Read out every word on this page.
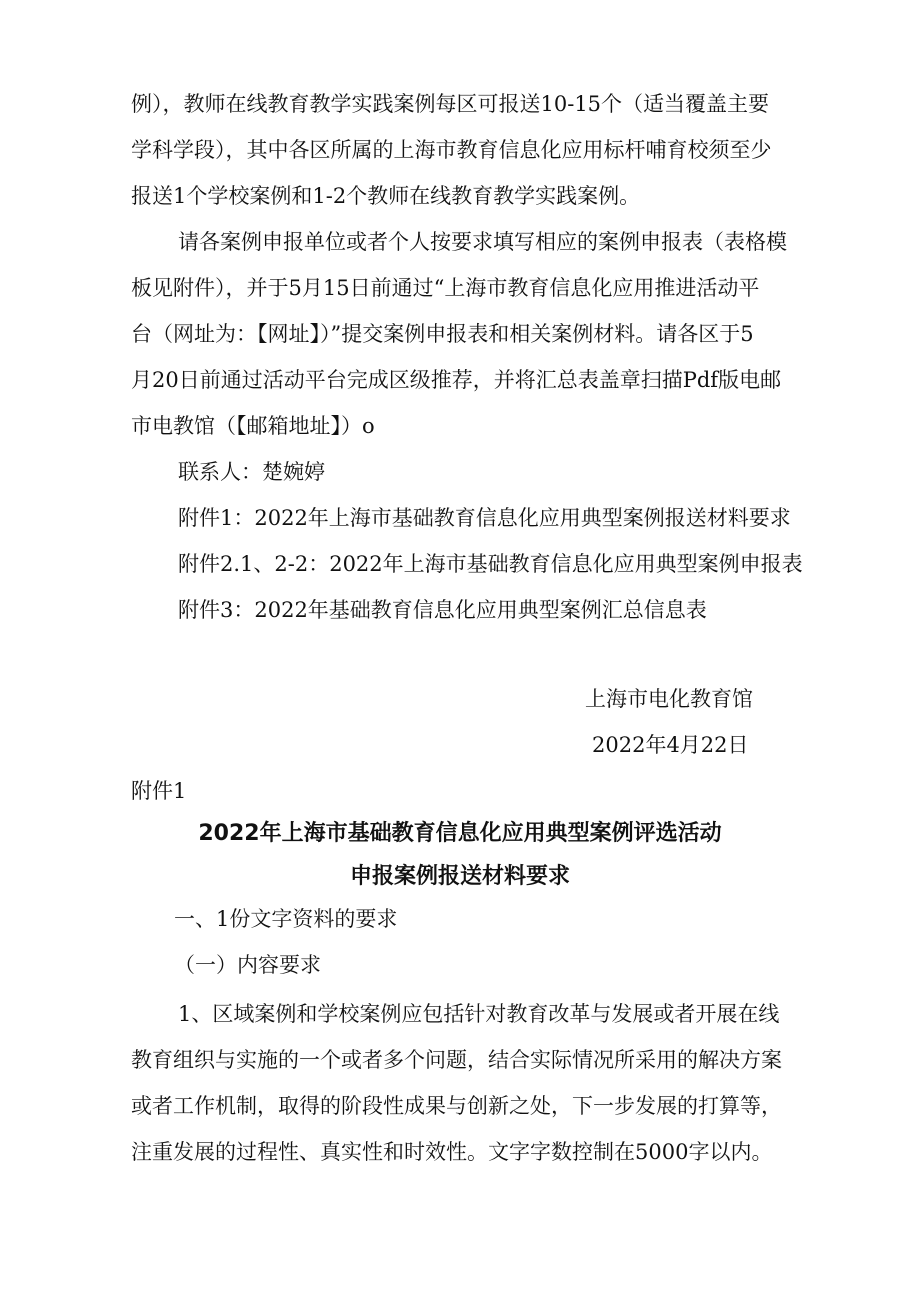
例），教师在线教育教学实践案例每区可报送10-15个（适当覆盖主要
学科学段），其中各区所属的上海市教育信息化应用标杆哺育校须至少
报送1个学校案例和1-2个教师在线教育教学实践案例。
请各案例申报单位或者个人按要求填写相应的案例申报表（表格模
板见附件），并于5月15日前通过“上海市教育信息化应用推进活动平
台（网址为：【网址】）”提交案例申报表和相关案例材料。请各区于5
月20日前通过活动平台完成区级推荐，并将汇总表盖章扫描Pdf版电邮
市电教馆（【邮箱地址】）o
联系人：楚婉婷
附件1：2022年上海市基础教育信息化应用典型案例报送材料要求
附件2.1、2-2：2022年上海市基础教育信息化应用典型案例申报表
附件3：2022年基础教育信息化应用典型案例汇总信息表
上海市电化教育馆
2022年4月22日
附件1
2022年上海市基础教育信息化应用典型案例评选活动
申报案例报送材料要求
一、1份文字资料的要求
（一）内容要求
1、区域案例和学校案例应包括针对教育改革与发展或者开展在线
教育组织与实施的一个或者多个问题，结合实际情况所采用的解决方案
或者工作机制，取得的阶段性成果与创新之处，下一步发展的打算等，
注重发展的过程性、真实性和时效性。文字字数控制在5000字以内。
